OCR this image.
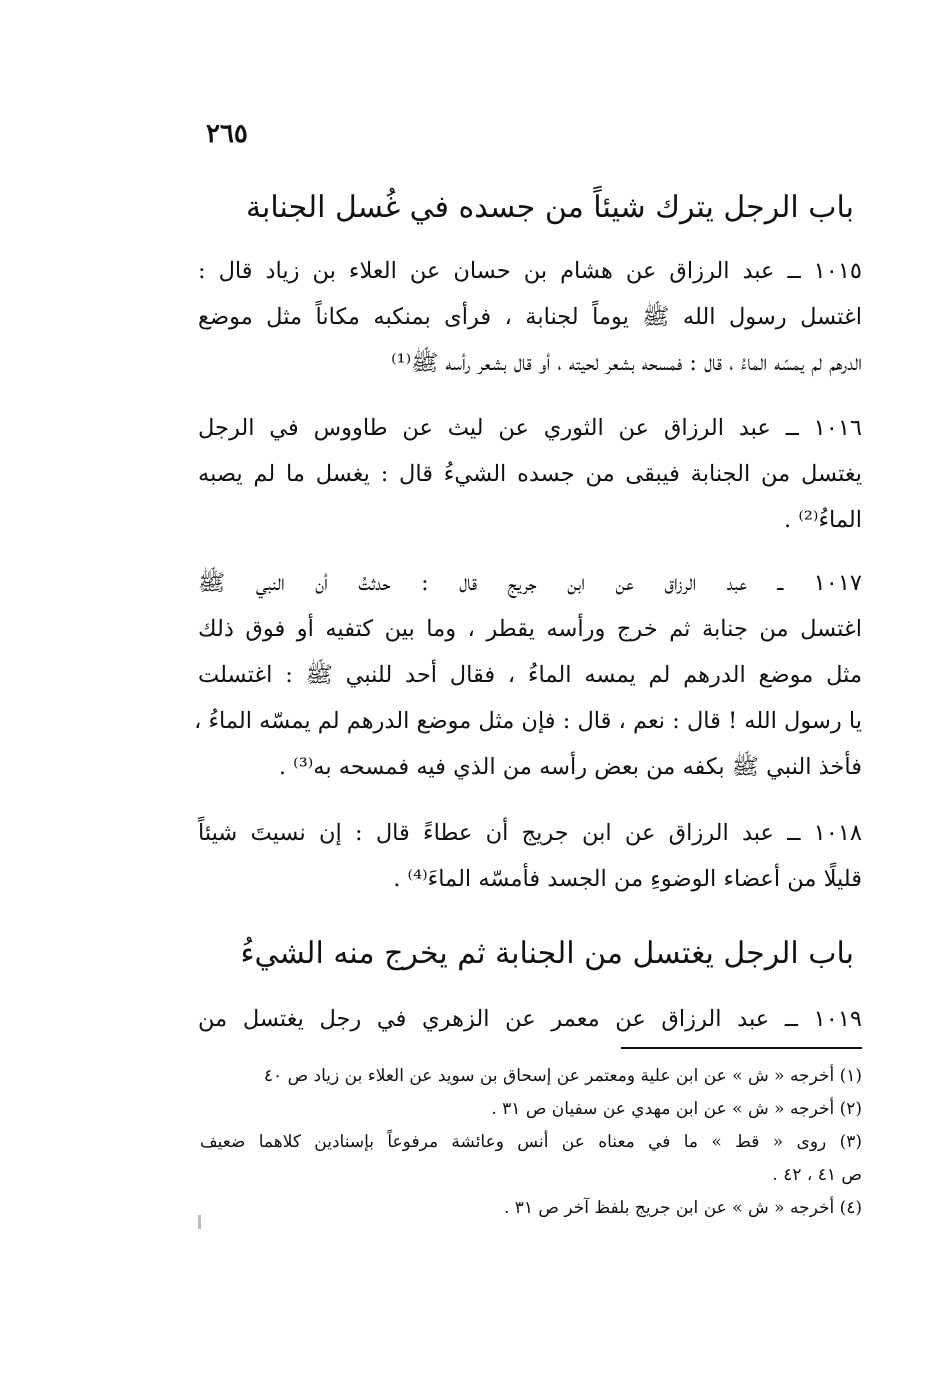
٢٦٥
باب الرجل يترك شيئاً من جسده في غُسل الجنابة
١٠١٥ ــ عبد الرزاق عن هشام بن حسان عن العلاء بن زياد قال :
اغتسل رسول الله ﷺ يوماً لجنابة ، فرأى بمنكبه مكاناً مثل موضع
الدرهم لم يمسّه الماءُ ، قال : فمسحه بشعر لحيته ، أو قال بشعر رأسه ﷺ⁽¹⁾
١٠١٦ ــ عبد الرزاق عن الثوري عن ليث عن طاووس في الرجل
يغتسل من الجنابة فيبقى من جسده الشيءُ قال : يغسل ما لم يصبه
الماءُ⁽²⁾ .
١٠١٧ ــ عبد الرزاق عن ابن جريج قال : حدثتُ أن النبي ﷺ
اغتسل من جنابة ثم خرج ورأسه يقطر ، وما بين كتفيه أو فوق ذلك
مثل موضع الدرهم لم يمسه الماءُ ، فقال أحد للنبي ﷺ : اغتسلت
يا رسول الله ! قال : نعم ، قال : فإن مثل موضع الدرهم لم يمسّه الماءُ ،
فأخذ النبي ﷺ بكفه من بعض رأسه من الذي فيه فمسحه به⁽³⁾ .
١٠١٨ ــ عبد الرزاق عن ابن جريج أن عطاءً قال : إن نسيتَ شيئاً
قليلًا من أعضاء الوضوءِ من الجسد فأمسّه الماءَ⁽⁴⁾ .
باب الرجل يغتسل من الجنابة ثم يخرج منه الشيءُ
١٠١٩ ــ عبد الرزاق عن معمر عن الزهري في رجل يغتسل من
(١) أخرجه « ش » عن ابن علية ومعتمر عن إسحاق بن سويد عن العلاء بن زياد ص ٤٠
(٢) أخرجه « ش » عن ابن مهدي عن سفيان ص ٣١ .
(٣) روى « قط » ما في معناه عن أنس وعائشة مرفوعاً بإسنادين كلاهما ضعيف
ص ٤١ ، ٤٢ .
(٤) أخرجه « ش » عن ابن جريج بلفظ آخر ص ٣١ .
